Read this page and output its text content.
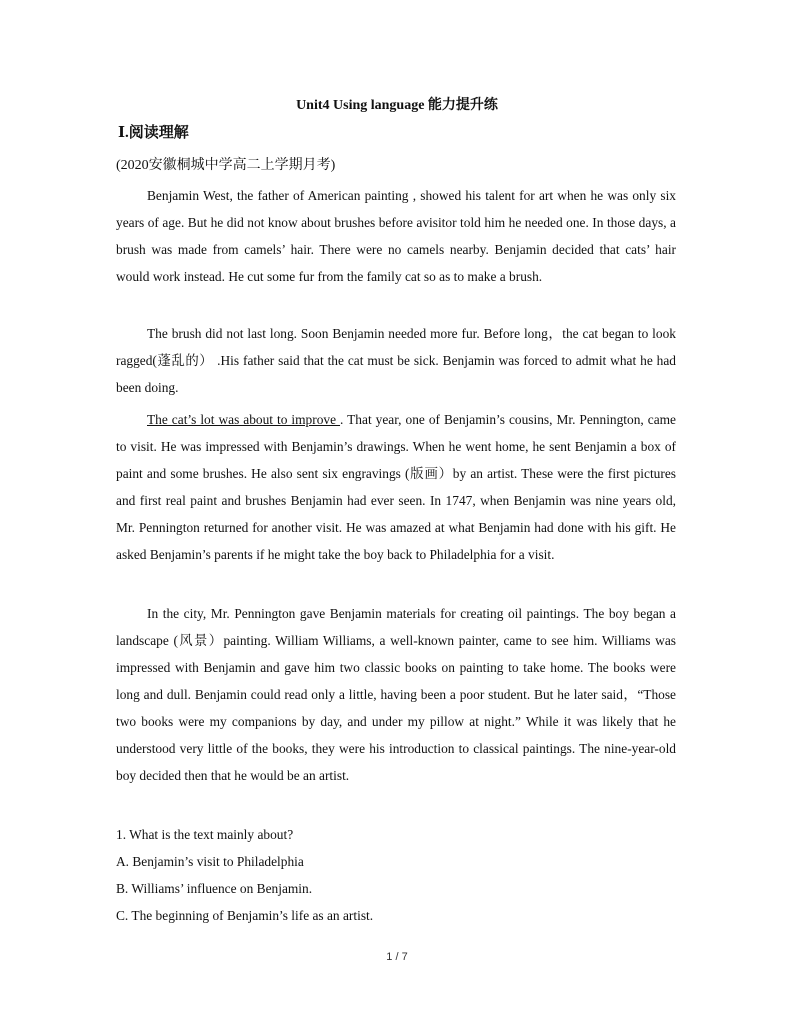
Unit4 Using language 能力提升练
Ⅰ.阅读理解
(2020安徽桐城中学高二上学期月考)

Benjamin West, the father of American painting , showed his talent for art when he was only six years of age. But he did not know about brushes before avisitor told him he needed one. In those days, a brush was made from camels’ hair. There were no camels nearby. Benjamin decided that cats’ hair would work instead. He cut some fur from the family cat so as to make a brush.

The brush did not last long. Soon Benjamin needed more fur. Before long，the cat began to look ragged(蓬乱的） .His father said that the cat must be sick. Benjamin was forced to admit what he had been doing.

The cat’s lot was about to improve . That year, one of Benjamin’s cousins, Mr. Pennington, came to visit. He was impressed with Benjamin’s drawings. When he went home, he sent Benjamin a box of paint and some brushes. He also sent six engravings (版画）by an artist. These were the first pictures and first real paint and brushes Benjamin had ever seen. In 1747, when Benjamin was nine years old, Mr. Pennington returned for another visit. He was amazed at what Benjamin had done with his gift. He asked Benjamin’s parents if he might take the boy back to Philadelphia for a visit.

In the city, Mr. Pennington gave Benjamin materials for creating oil paintings. The boy began a landscape (风景）painting. William Williams, a well-known painter, came to see him. Williams was impressed with Benjamin and gave him two classic books on painting to take home. The books were long and dull. Benjamin could read only a little, having been a poor student. But he later said，“Those two books were my companions by day, and under my pillow at night.” While it was likely that he understood very little of the books, they were his introduction to classical paintings. The nine-year-old boy decided then that he would be an artist.

1. What is the text mainly about?
A. Benjamin’s visit to Philadelphia
B. Williams’ influence on Benjamin.
C. The beginning of Benjamin’s life as an artist.
1 / 7
